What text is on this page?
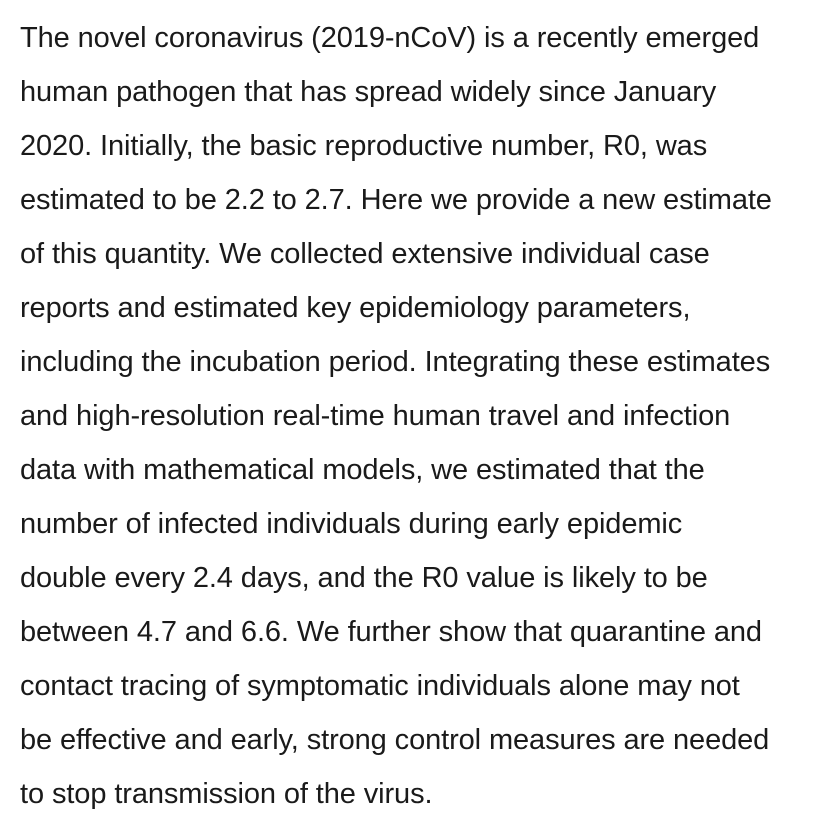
The novel coronavirus (2019-nCoV) is a recently emerged
human pathogen that has spread widely since January
2020. Initially, the basic reproductive number, R0, was
estimated to be 2.2 to 2.7. Here we provide a new estimate
of this quantity. We collected extensive individual case
reports and estimated key epidemiology parameters,
including the incubation period. Integrating these estimates
and high-resolution real-time human travel and infection
data with mathematical models, we estimated that the
number of infected individuals during early epidemic
double every 2.4 days, and the R0 value is likely to be
between 4.7 and 6.6. We further show that quarantine and
contact tracing of symptomatic individuals alone may not
be effective and early, strong control measures are needed
to stop transmission of the virus.
